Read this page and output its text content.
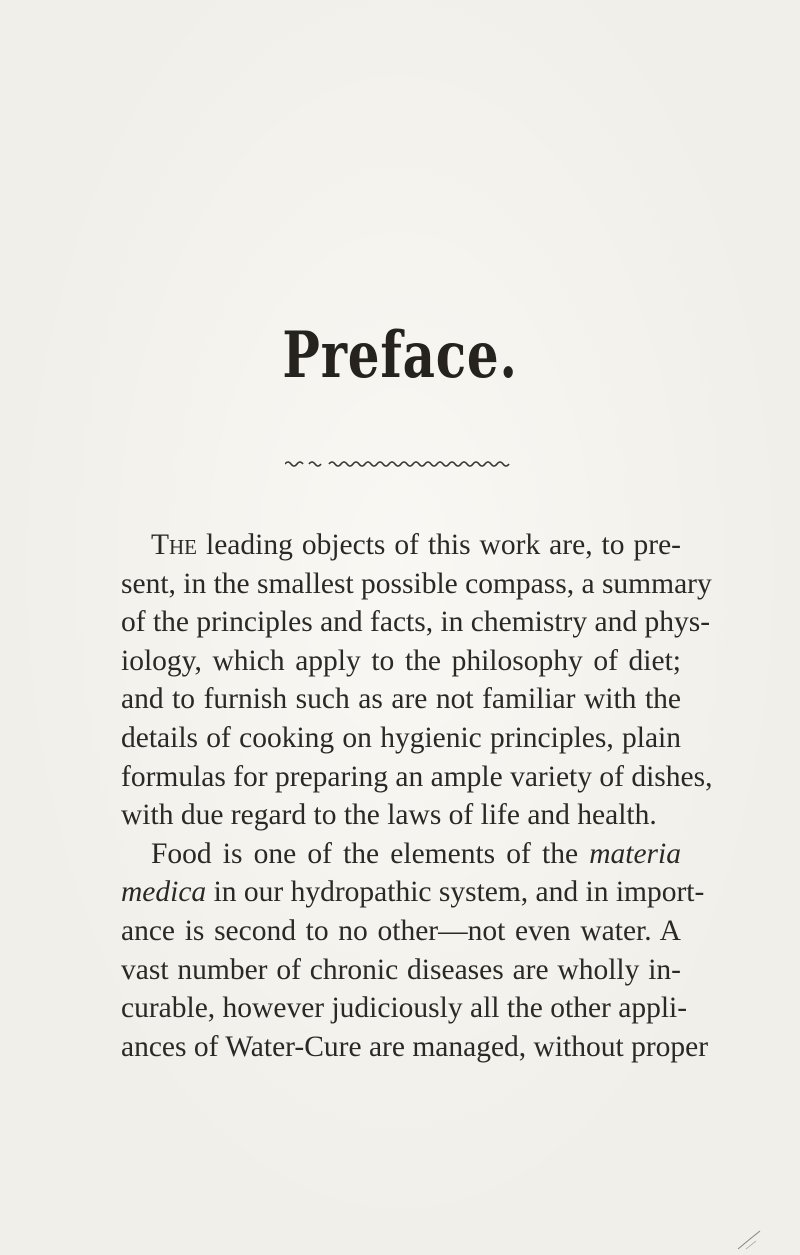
Preface.
The leading objects of this work are, to pre-
sent, in the smallest possible compass, a summary
of the principles and facts, in chemistry and phys-
iology, which apply to the philosophy of diet;
and to furnish such as are not familiar with the
details of cooking on hygienic principles, plain
formulas for preparing an ample variety of dishes,
with due regard to the laws of life and health.
Food is one of the elements of the materia
medica in our hydropathic system, and in import-
ance is second to no other—not even water. A
vast number of chronic diseases are wholly in-
curable, however judiciously all the other appli-
ances of Water-Cure are managed, without proper
